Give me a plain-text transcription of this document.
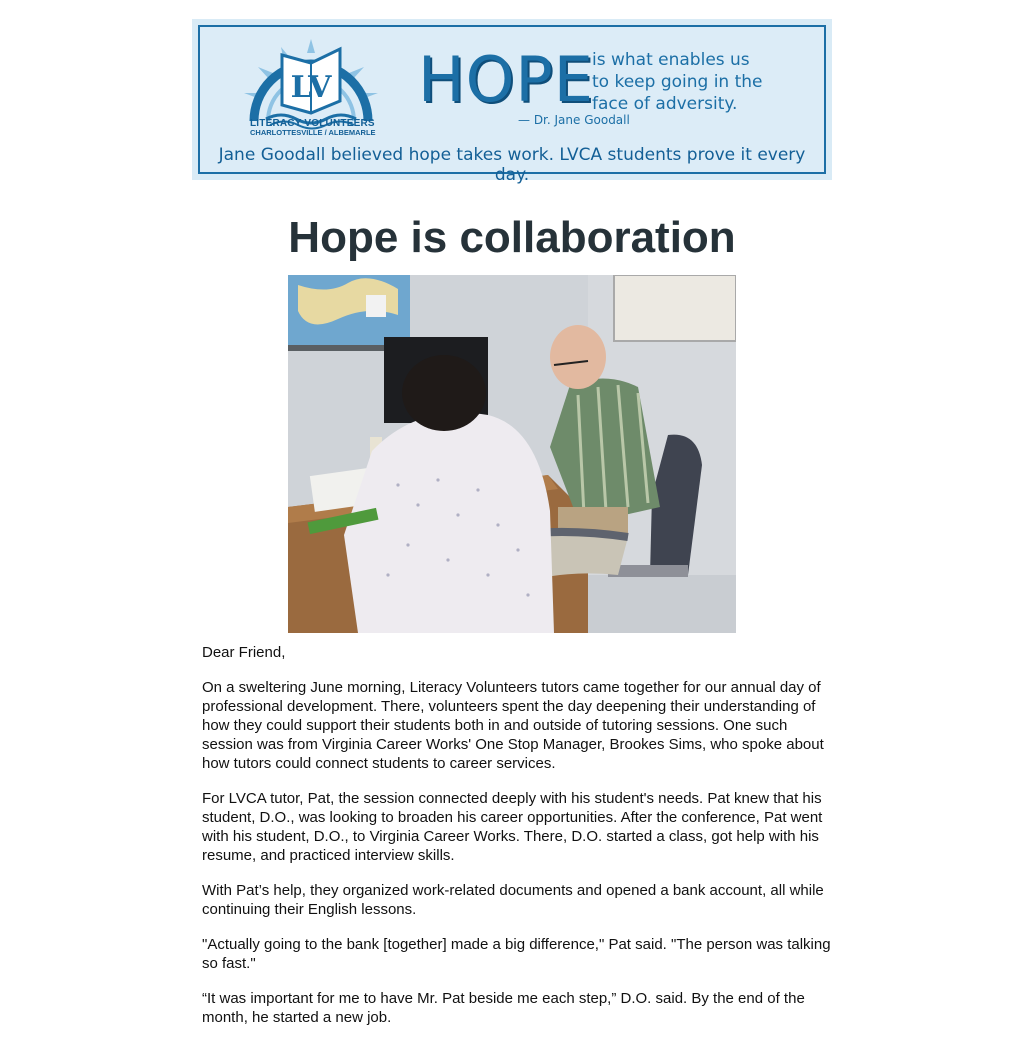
LV
LITERACY VOLUNTEERS
CHARLOTTESVILLE / ALBEMARLE
HOPE
is what enables us
to keep going in the
face of adversity.
— Dr. Jane Goodall
Jane Goodall believed hope takes work. LVCA students prove it every day.
Hope is collaboration

Dear Friend,

On a sweltering June morning, Literacy Volunteers tutors came together for our annual day of professional development. There, volunteers spent the day deepening their understanding of how they could support their students both in and outside of tutoring sessions. One such session was from Virginia Career Works' One Stop Manager, Brookes Sims, who spoke about how tutors could connect students to career services.

For LVCA tutor, Pat, the session connected deeply with his student's needs. Pat knew that his student, D.O., was looking to broaden his career opportunities. After the conference, Pat went with his student, D.O., to Virginia Career Works. There, D.O. started a class, got help with his resume, and practiced interview skills.

With Pat’s help, they organized work-related documents and opened a bank account, all while continuing their English lessons.

"Actually going to the bank [together] made a big difference," Pat said. "The person was talking so fast."

“It was important for me to have Mr. Pat beside me each step,” D.O. said. By the end of the month, he started a new job.
